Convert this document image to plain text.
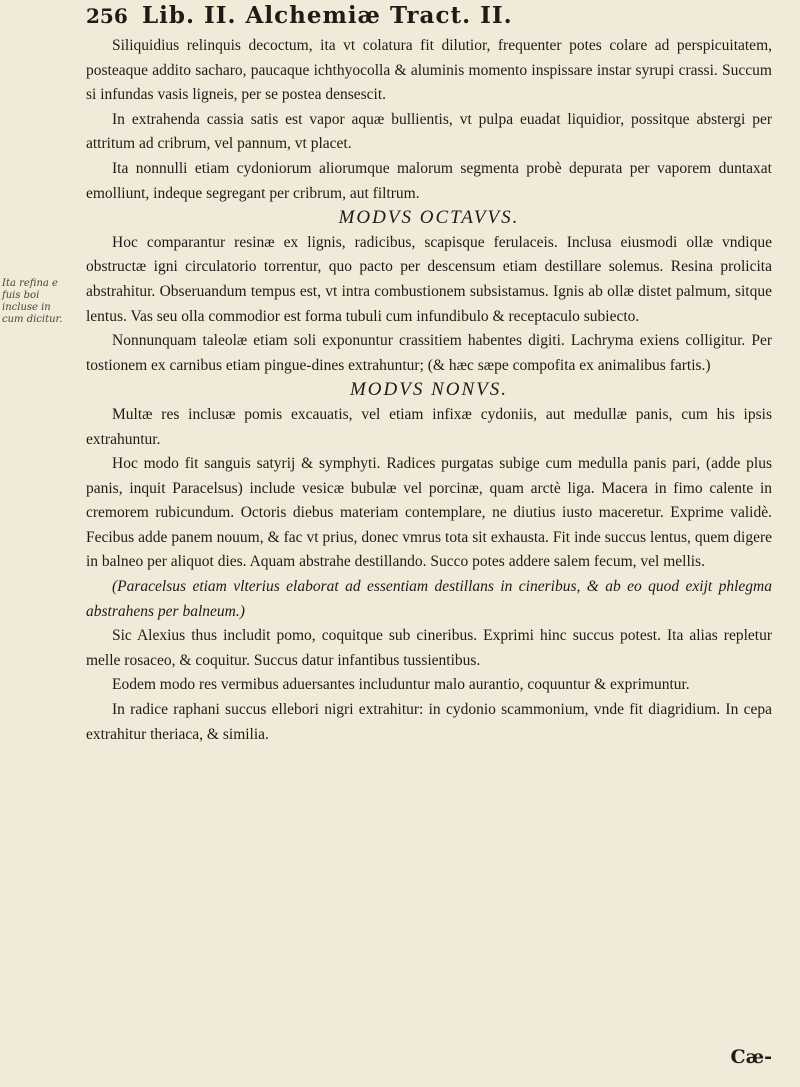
256 Lib. II. Alchemiæ Tract. II.
Ita refina e fuis boi incluse in cum dicitur.

Siliquidius relinquis decoctum, ita vt colatura fit dilutior, frequenter potes colare ad perspicuitatem, posteaque addito sacharo, paucaque ichthyocolla & aluminis momento inspissare instar syrupi crassi. Succum si infundas vasis ligneis, per se postea densescit.

In extrahenda cassia satis est vapor aquæ bullientis, vt pulpa euadat liquidior, possitque abstergi per attritum ad cribrum, vel pannum, vt placet.

Ita nonnulli etiam cydoniorum aliorumque malorum segmenta probè depurata per vaporem duntaxat emolliunt, indeque segregant per cribrum, aut filtrum.

MODVS OCTAVVS.

Hoc comparantur resinæ ex lignis, radicibus, scapisque ferulaceis. Inclusa eiusmodi ollæ vndique obstructæ igni circulatorio torrentur, quo pacto per descensum etiam destillare solemus. Resina prolicita abstrahitur. Obseruandum tempus est, vt intra combustionem subsistamus. Ignis ab ollæ distet palmum, sitque lentus. Vas seu olla commodior est forma tubuli cum infundibulo & receptaculo subiecto.

Nonnunquam taleolæ etiam soli exponuntur crassitiem habentes digiti. Lachryma exiens colligitur. Per tostionem ex carnibus etiam pingue-dines extrahuntur; (& hæc sæpe compofita ex animalibus fartis.)

MODVS NONVS.

Multæ res inclusæ pomis excauatis, vel etiam infixæ cydoniis, aut medullæ panis, cum his ipsis extrahuntur.

Hoc modo fit sanguis satyrij & symphyti. Radices purgatas subige cum medulla panis pari, (adde plus panis, inquit Paracelsus) include vesicæ bubulæ vel porcinæ, quam arctè liga. Macera in fimo calente in cremorem rubicundum. Octoris diebus materiam contemplare, ne diutius iusto maceretur. Exprime validè. Fecibus adde panem nouum, & fac vt prius, donec vmrus tota sit exhausta. Fit inde succus lentus, quem digere in balneo per aliquot dies. Aquam abstrahe destillando. Succo potes addere salem fecum, vel mellis.

(Paracelsus etiam vlterius elaborat ad essentiam destillans in cineribus, & ab eo quod exijt phlegma abstrahens per balneum.)

Sic Alexius thus includit pomo, coquitque sub cineribus. Exprimi hinc succus potest. Ita alias repletur melle rosaceo, & coquitur. Succus datur infantibus tussientibus.

Eodem modo res vermibus aduersantes includuntur malo aurantio, coquuntur & exprimuntur.

In radice raphani succus ellebori nigri extrahitur: in cydonio scammonium, vnde fit diagridium. In cepa extrahitur theriaca, & similia.

Cæ-
